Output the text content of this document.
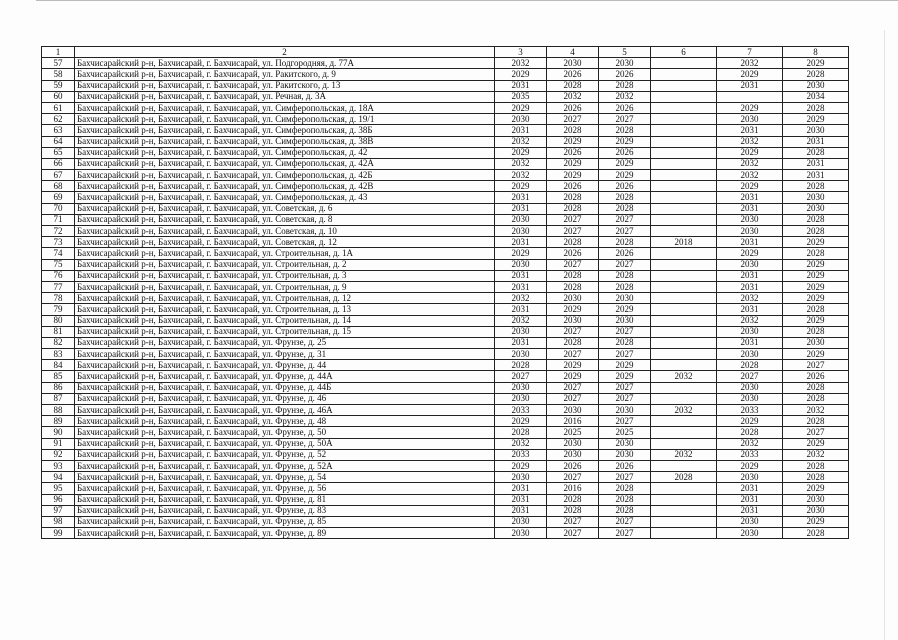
1	2	3	4	5	6	7	8
57	Бахчисарайский р-н, Бахчисарай, г. Бахчисарай, ул. Подгородняя, д. 77А	2032	2030	2030		2032	2029
58	Бахчисарайский р-н, Бахчисарай, г. Бахчисарай, ул. Ракитского, д. 9	2029	2026	2026		2029	2028
59	Бахчисарайский р-н, Бахчисарай, г. Бахчисарай, ул. Ракитского, д. 13	2031	2028	2028		2031	2030
60	Бахчисарайский р-н, Бахчисарай, г. Бахчисарай, ул. Речная, д. 3А	2035	2032	2032			2034
61	Бахчисарайский р-н, Бахчисарай, г. Бахчисарай, ул. Симферопольская, д. 18А	2029	2026	2026		2029	2028
62	Бахчисарайский р-н, Бахчисарай, г. Бахчисарай, ул. Симферопольская, д. 19/1	2030	2027	2027		2030	2029
63	Бахчисарайский р-н, Бахчисарай, г. Бахчисарай, ул. Симферопольская, д. 38Б	2031	2028	2028		2031	2030
64	Бахчисарайский р-н, Бахчисарай, г. Бахчисарай, ул. Симферопольская, д. 38В	2032	2029	2029		2032	2031
65	Бахчисарайский р-н, Бахчисарай, г. Бахчисарай, ул. Симферопольская, д. 42	2029	2026	2026		2029	2028
66	Бахчисарайский р-н, Бахчисарай, г. Бахчисарай, ул. Симферопольская, д. 42А	2032	2029	2029		2032	2031
67	Бахчисарайский р-н, Бахчисарай, г. Бахчисарай, ул. Симферопольская, д. 42Б	2032	2029	2029		2032	2031
68	Бахчисарайский р-н, Бахчисарай, г. Бахчисарай, ул. Симферопольская, д. 42В	2029	2026	2026		2029	2028
69	Бахчисарайский р-н, Бахчисарай, г. Бахчисарай, ул. Симферопольская, д. 43	2031	2028	2028		2031	2030
70	Бахчисарайский р-н, Бахчисарай, г. Бахчисарай, ул. Советская, д. 6	2031	2028	2028		2031	2030
71	Бахчисарайский р-н, Бахчисарай, г. Бахчисарай, ул. Советская, д. 8	2030	2027	2027		2030	2028
72	Бахчисарайский р-н, Бахчисарай, г. Бахчисарай, ул. Советская, д. 10	2030	2027	2027		2030	2028
73	Бахчисарайский р-н, Бахчисарай, г. Бахчисарай, ул. Советская, д. 12	2031	2028	2028	2018	2031	2029
74	Бахчисарайский р-н, Бахчисарай, г. Бахчисарай, ул. Строительная, д. 1А	2029	2026	2026		2029	2028
75	Бахчисарайский р-н, Бахчисарай, г. Бахчисарай, ул. Строительная, д. 2	2030	2027	2027		2030	2029
76	Бахчисарайский р-н, Бахчисарай, г. Бахчисарай, ул. Строительная, д. 3	2031	2028	2028		2031	2029
77	Бахчисарайский р-н, Бахчисарай, г. Бахчисарай, ул. Строительная, д. 9	2031	2028	2028		2031	2029
78	Бахчисарайский р-н, Бахчисарай, г. Бахчисарай, ул. Строительная, д. 12	2032	2030	2030		2032	2029
79	Бахчисарайский р-н, Бахчисарай, г. Бахчисарай, ул. Строительная, д. 13	2031	2029	2029		2031	2028
80	Бахчисарайский р-н, Бахчисарай, г. Бахчисарай, ул. Строительная, д. 14	2032	2030	2030		2032	2029
81	Бахчисарайский р-н, Бахчисарай, г. Бахчисарай, ул. Строительная, д. 15	2030	2027	2027		2030	2028
82	Бахчисарайский р-н, Бахчисарай, г. Бахчисарай, ул. Фрунзе, д. 25	2031	2028	2028		2031	2030
83	Бахчисарайский р-н, Бахчисарай, г. Бахчисарай, ул. Фрунзе, д. 31	2030	2027	2027		2030	2029
84	Бахчисарайский р-н, Бахчисарай, г. Бахчисарай, ул. Фрунзе, д. 44	2028	2029	2029		2028	2027
85	Бахчисарайский р-н, Бахчисарай, г. Бахчисарай, ул. Фрунзе, д. 44А	2027	2029	2029	2032	2027	2026
86	Бахчисарайский р-н, Бахчисарай, г. Бахчисарай, ул. Фрунзе, д. 44Б	2030	2027	2027		2030	2028
87	Бахчисарайский р-н, Бахчисарай, г. Бахчисарай, ул. Фрунзе, д. 46	2030	2027	2027		2030	2028
88	Бахчисарайский р-н, Бахчисарай, г. Бахчисарай, ул. Фрунзе, д. 46А	2033	2030	2030	2032	2033	2032
89	Бахчисарайский р-н, Бахчисарай, г. Бахчисарай, ул. Фрунзе, д. 48	2029	2016	2027		2029	2028
90	Бахчисарайский р-н, Бахчисарай, г. Бахчисарай, ул. Фрунзе, д. 50	2028	2025	2025		2028	2027
91	Бахчисарайский р-н, Бахчисарай, г. Бахчисарай, ул. Фрунзе, д. 50А	2032	2030	2030		2032	2029
92	Бахчисарайский р-н, Бахчисарай, г. Бахчисарай, ул. Фрунзе, д. 52	2033	2030	2030	2032	2033	2032
93	Бахчисарайский р-н, Бахчисарай, г. Бахчисарай, ул. Фрунзе, д. 52А	2029	2026	2026		2029	2028
94	Бахчисарайский р-н, Бахчисарай, г. Бахчисарай, ул. Фрунзе, д. 54	2030	2027	2027	2028	2030	2028
95	Бахчисарайский р-н, Бахчисарай, г. Бахчисарай, ул. Фрунзе, д. 56	2031	2016	2028		2031	2029
96	Бахчисарайский р-н, Бахчисарай, г. Бахчисарай, ул. Фрунзе, д. 81	2031	2028	2028		2031	2030
97	Бахчисарайский р-н, Бахчисарай, г. Бахчисарай, ул. Фрунзе, д. 83	2031	2028	2028		2031	2030
98	Бахчисарайский р-н, Бахчисарай, г. Бахчисарай, ул. Фрунзе, д. 85	2030	2027	2027		2030	2029
99	Бахчисарайский р-н, Бахчисарай, г. Бахчисарай, ул. Фрунзе, д. 89	2030	2027	2027		2030	2028
